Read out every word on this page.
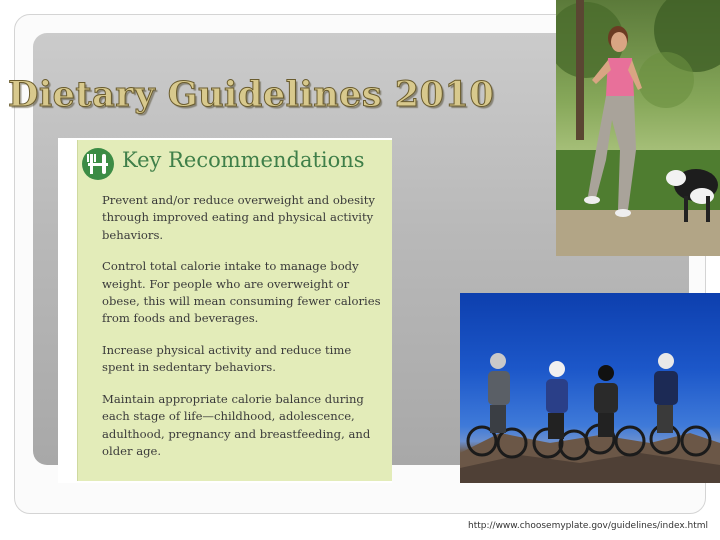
Dietary Guidelines 2010
Key Recommendations
Prevent and/or reduce overweight and obesity through improved eating and physical activity behaviors.
Control total calorie intake to manage body weight. For people who are overweight or obese, this will mean consuming fewer calories from foods and beverages.
Increase physical activity and reduce time spent in sedentary behaviors.
Maintain appropriate calorie balance during each stage of life—childhood, adolescence, adulthood, pregnancy and breastfeeding, and older age.
http://www.choosemyplate.gov/guidelines/index.html
